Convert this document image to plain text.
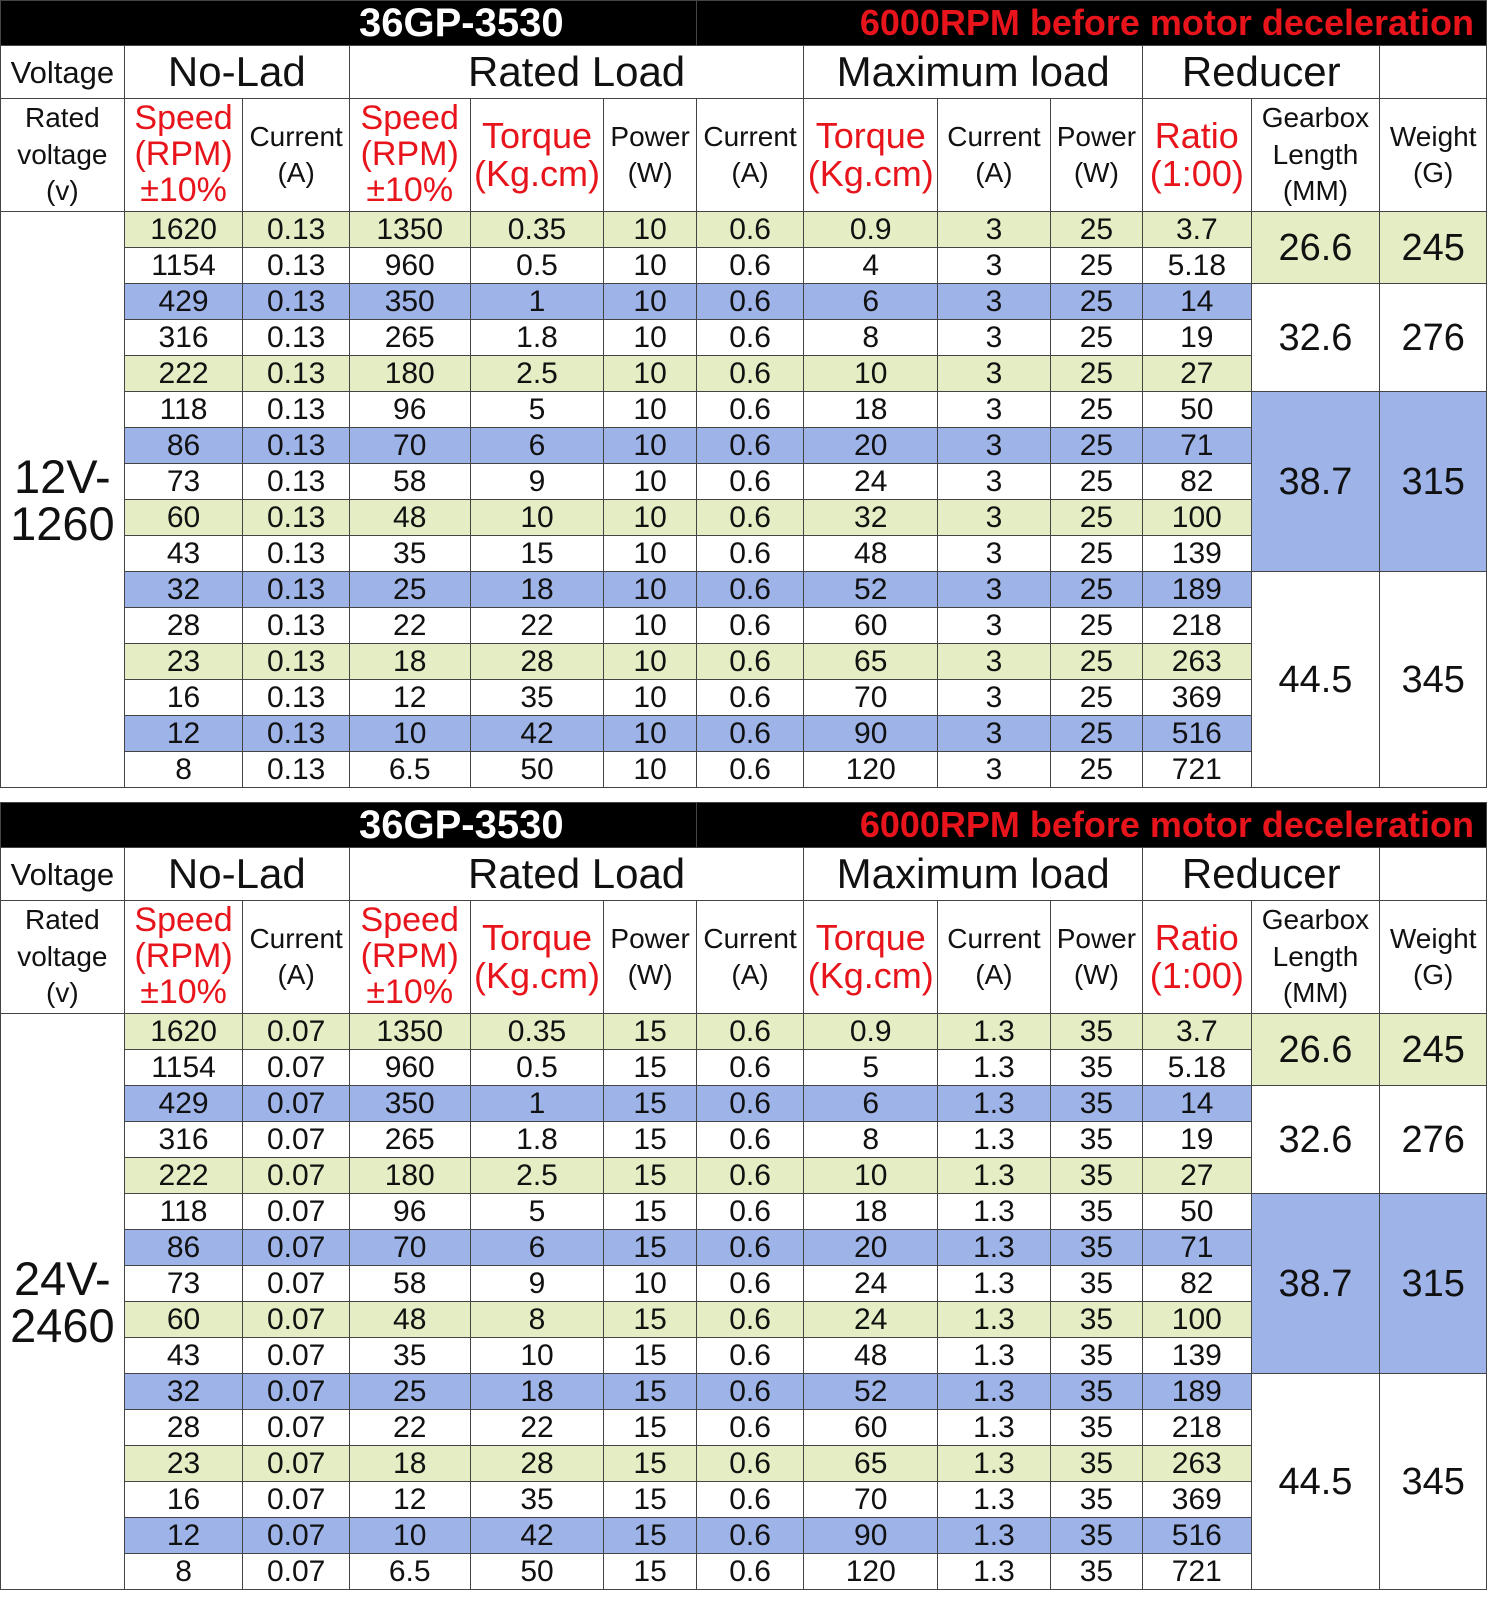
36GP-3530						6000RPM before motor deceleration						
Voltage	No-Lad		Rated Load				Maximum load			Reducer		

Rated voltage (v)	Speed (RPM) ±10%	Current (A)	Speed (RPM) ±10%	Torque (Kg.cm)	Power (W)	Current (A)	Torque (Kg.cm)	Current (A)	Power (W)	Ratio (1:00)	Gearbox Length (MM)	Weight (G)

12V-1260	1620	0.13	1350	0.35	10	0.6	0.9	3	25	3.7	26.6	245
	1154	0.13	960	0.5	10	0.6	4	3	25	5.18		
	429	0.13	350	1	10	0.6	6	3	25	14	32.6	276
	316	0.13	265	1.8	10	0.6	8	3	25	19		
	222	0.13	180	2.5	10	0.6	10	3	25	27		
	118	0.13	96	5	10	0.6	18	3	25	50	38.7	315
	86	0.13	70	6	10	0.6	20	3	25	71		
	73	0.13	58	9	10	0.6	24	3	25	82		
	60	0.13	48	10	10	0.6	32	3	25	100		
	43	0.13	35	15	10	0.6	48	3	25	139		
	32	0.13	25	18	10	0.6	52	3	25	189	44.5	345
	28	0.13	22	22	10	0.6	60	3	25	218		
	23	0.13	18	28	10	0.6	65	3	25	263		
	16	0.13	12	35	10	0.6	70	3	25	369		
	12	0.13	10	42	10	0.6	90	3	25	516		
	8	0.13	6.5	50	10	0.6	120	3	25	721		
36GP-3530						6000RPM before motor deceleration						
Voltage	No-Lad		Rated Load				Maximum load			Reducer		

Rated voltage (v)	Speed (RPM) ±10%	Current (A)	Speed (RPM) ±10%	Torque (Kg.cm)	Power (W)	Current (A)	Torque (Kg.cm)	Current (A)	Power (W)	Ratio (1:00)	Gearbox Length (MM)	Weight (G)

24V-2460	1620	0.07	1350	0.35	15	0.6	0.9	1.3	35	3.7	26.6	245
	1154	0.07	960	0.5	15	0.6	5	1.3	35	5.18		
	429	0.07	350	1	15	0.6	6	1.3	35	14	32.6	276
	316	0.07	265	1.8	15	0.6	8	1.3	35	19		
	222	0.07	180	2.5	15	0.6	10	1.3	35	27		
	118	0.07	96	5	15	0.6	18	1.3	35	50	38.7	315
	86	0.07	70	6	15	0.6	20	1.3	35	71		
	73	0.07	58	9	10	0.6	24	1.3	35	82		
	60	0.07	48	8	15	0.6	24	1.3	35	100		
	43	0.07	35	10	15	0.6	48	1.3	35	139		
	32	0.07	25	18	15	0.6	52	1.3	35	189	44.5	345
	28	0.07	22	22	15	0.6	60	1.3	35	218		
	23	0.07	18	28	15	0.6	65	1.3	35	263		
	16	0.07	12	35	15	0.6	70	1.3	35	369		
	12	0.07	10	42	15	0.6	90	1.3	35	516		
	8	0.07	6.5	50	15	0.6	120	1.3	35	721		
